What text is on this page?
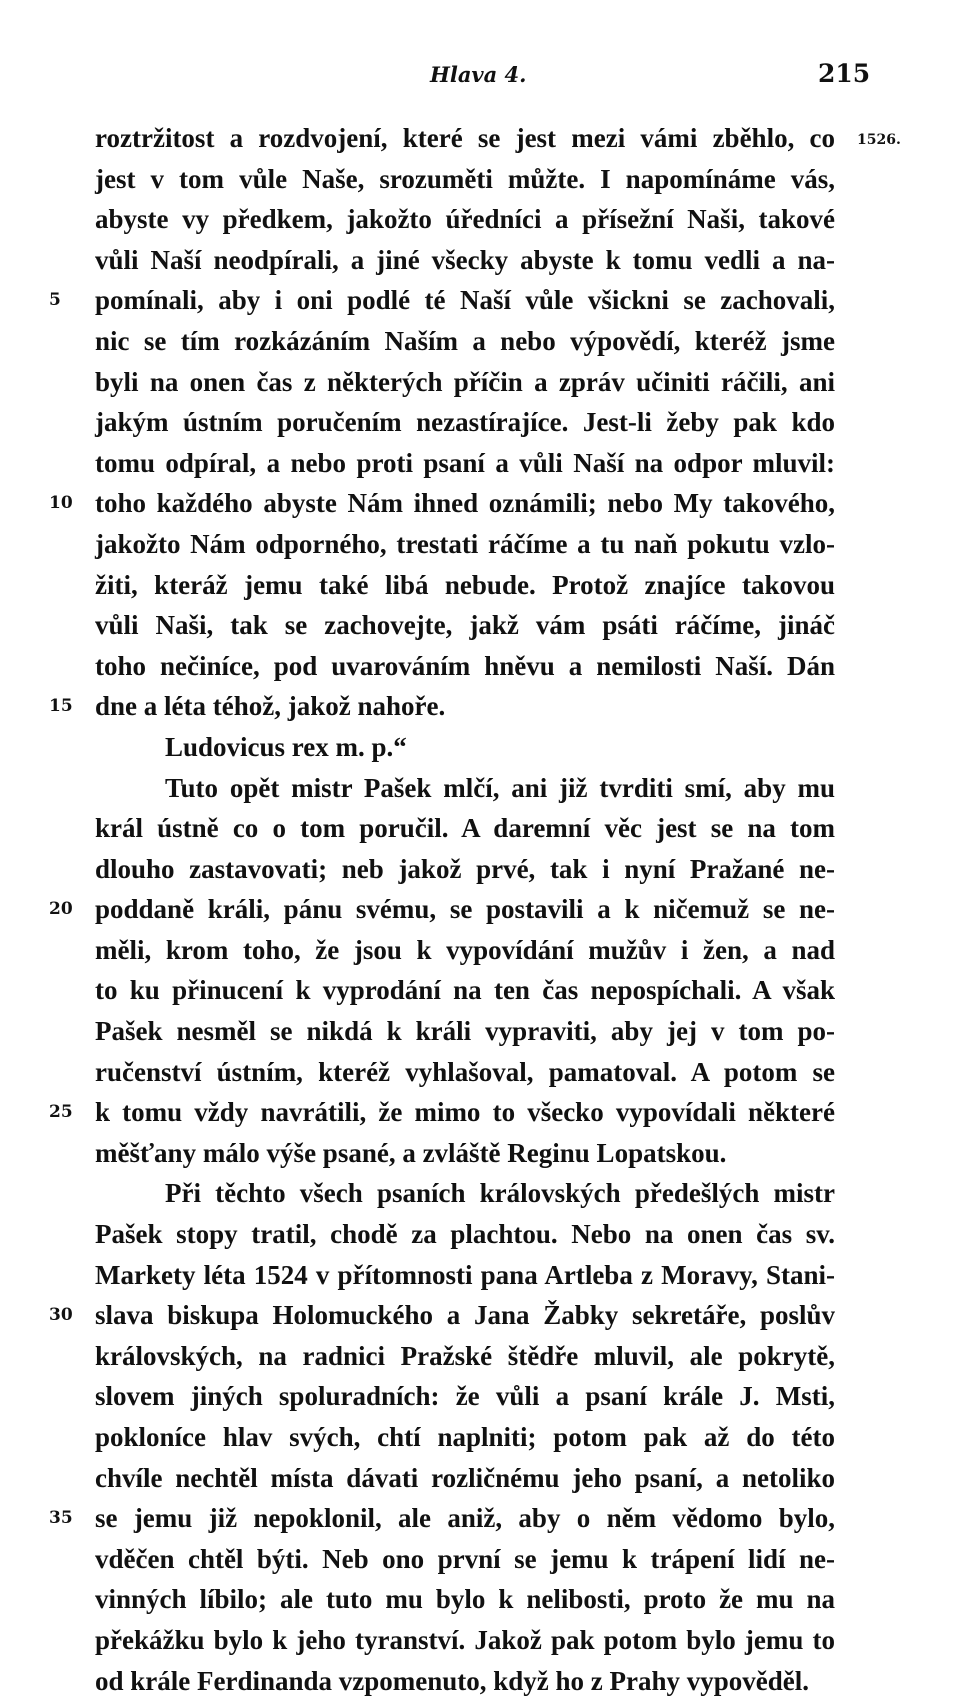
Hlava 4.	215
1526.
roztržitost a rozdvojení, které se jest mezi vámi zběhlo, co
jest v tom vůle Naše, srozuměti můžte. I napomínáme vás,
abyste vy předkem, jakožto úředníci a přísežní Naši, takové
vůli Naší neodpírali, a jiné všecky abyste k tomu vedli a na-
5 pomínali, aby i oni podlé té Naší vůle všickni se zachovali,
nic se tím rozkázáním Naším a nebo výpovědí, kteréž jsme
byli na onen čas z některých příčin a zpráv učiniti ráčili, ani
jakým ústním poručením nezastírajíce. Jest-li žeby pak kdo
tomu odpíral, a nebo proti psaní a vůli Naší na odpor mluvil:
10 toho každého abyste Nám ihned oznámili; nebo My takového,
jakožto Nám odporného, trestati ráčíme a tu naň pokutu vzlo-
žiti, kteráž jemu také libá nebude. Protož znajíce takovou
vůli Naši, tak se zachovejte, jakž vám psáti ráčíme, jináč
toho nečiníce, pod uvarováním hněvu a nemilosti Naší. Dán
15 dne a léta téhož, jakož nahoře.
Ludovicus rex m. p.“
Tuto opět mistr Pašek mlčí, ani již tvrditi smí, aby mu
král ústně co o tom poručil. A daremní věc jest se na tom
dlouho zastavovati; neb jakož prvé, tak i nyní Pražané ne-
20 poddaně králi, pánu svému, se postavili a k ničemuž se ne-
měli, krom toho, že jsou k vypovídání mužův i žen, a nad
to ku přinucení k vyprodání na ten čas nepospíchali. A však
Pašek nesměl se nikdá k králi vypraviti, aby jej v tom po-
ručenství ústním, kteréž vyhlašoval, pamatoval. A potom se
25 k tomu vždy navrátili, že mimo to všecko vypovídali některé
měšťany málo výše psané, a zvláště Reginu Lopatskou.
Při těchto všech psaních královských předešlých mistr
Pašek stopy tratil, chodě za plachtou. Nebo na onen čas sv.
Markety léta 1524 v přítomnosti pana Artleba z Moravy, Stani-
30 slava biskupa Holomuckého a Jana Žabky sekretáře, poslův
královských, na radnici Pražské štědře mluvil, ale pokrytě,
slovem jiných spoluradních: že vůli a psaní krále J. Msti,
pokloníce hlav svých, chtí naplniti; potom pak až do této
chvíle nechtěl místa dávati rozličnému jeho psaní, a netoliko
35 se jemu již nepoklonil, ale aniž, aby o něm vědomo bylo,
vděčen chtěl býti. Neb ono první se jemu k trápení lidí ne-
vinných líbilo; ale tuto mu bylo k nelibosti, proto že mu na
překážku bylo k jeho tyranství. Jakož pak potom bylo jemu to
od krále Ferdinanda vzpomenuto, když ho z Prahy vypověděl.
